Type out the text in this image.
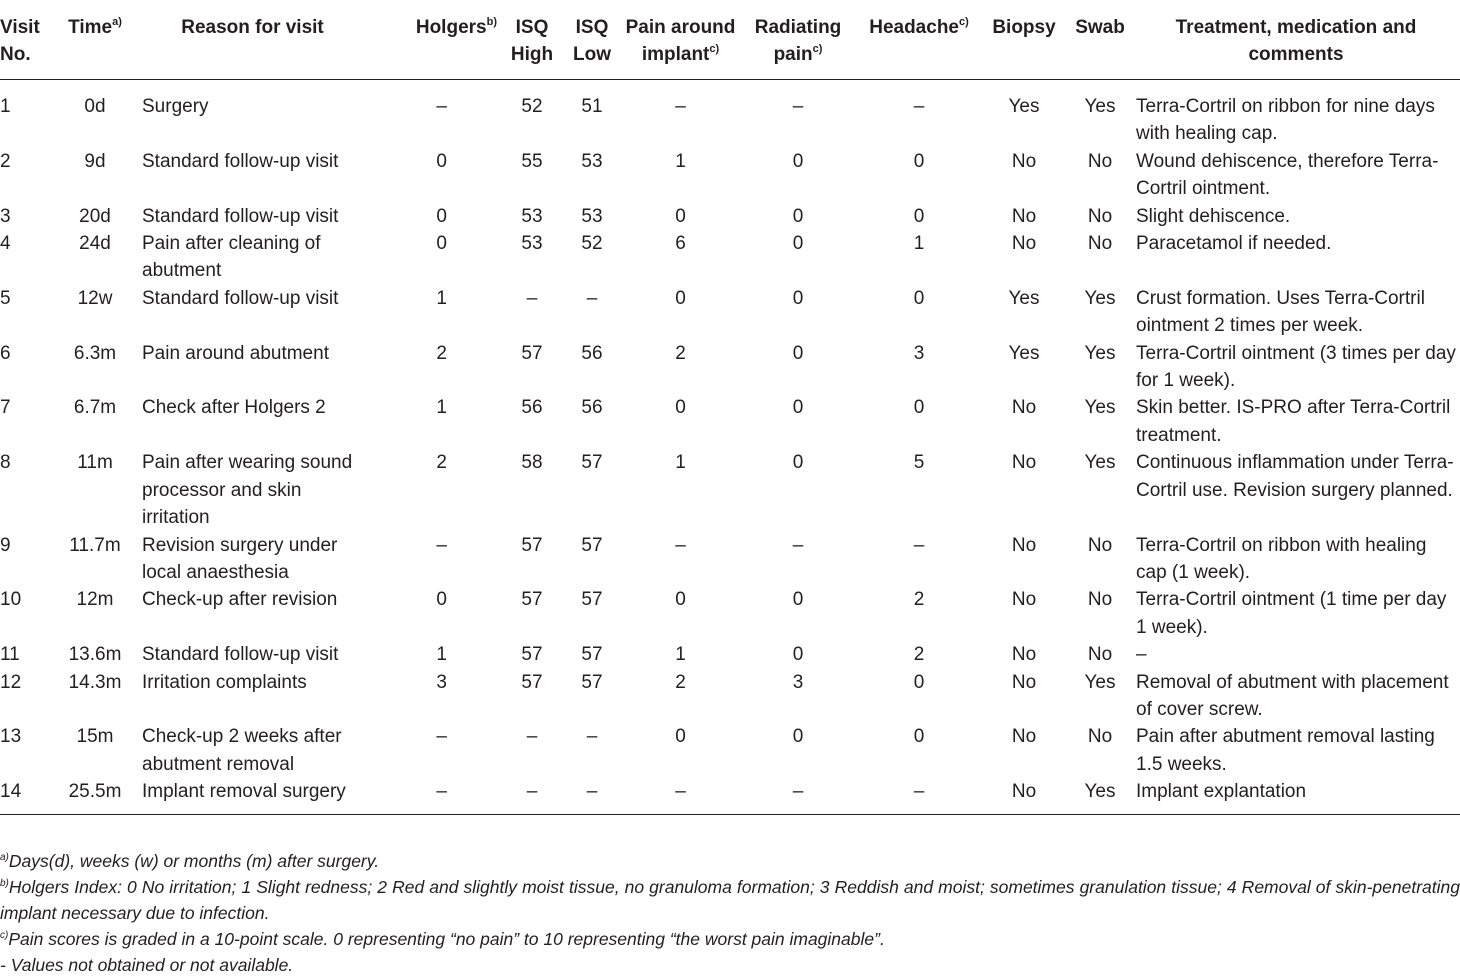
Visit No.	Time$^{a)}$	Reason for visit	Holgers$^{b)}$	ISQ High	ISQ Low	Pain around implant$^{c)}$	Radiating pain$^{c)}$	Headache$^{c)}$	Biopsy	Swab	Treatment, medication and comments
1	0d	Surgery	–	52	51	–	–	–	Yes	Yes	Terra-Cortril on ribbon for nine days with healing cap.
2	9d	Standard follow-up visit	0	55	53	1	0	0	No	No	Wound dehiscence, therefore Terra-Cortril ointment.
3	20d	Standard follow-up visit	0	53	53	0	0	0	No	No	Slight dehiscence.
4	24d	Pain after cleaning of abutment	0	53	52	6	0	1	No	No	Paracetamol if needed.
5	12w	Standard follow-up visit	1	–	–	0	0	0	Yes	Yes	Crust formation. Uses Terra-Cortril ointment 2 times per week.
6	6.3m	Pain around abutment	2	57	56	2	0	3	Yes	Yes	Terra-Cortril ointment (3 times per day for 1 week).
7	6.7m	Check after Holgers 2	1	56	56	0	0	0	No	Yes	Skin better. IS-PRO after Terra-Cortril treatment.
8	11m	Pain after wearing sound processor and skin irritation	2	58	57	1	0	5	No	Yes	Continuous inflammation under Terra-Cortril use. Revision surgery planned.
9	11.7m	Revision surgery under local anaesthesia	–	57	57	–	–	–	No	No	Terra-Cortril on ribbon with healing cap (1 week).
10	12m	Check-up after revision	0	57	57	0	0	2	No	No	Terra-Cortril ointment (1 time per day 1 week).
11	13.6m	Standard follow-up visit	1	57	57	1	0	2	No	No	–
12	14.3m	Irritation complaints	3	57	57	2	3	0	No	Yes	Removal of abutment with placement of cover screw.
13	15m	Check-up 2 weeks after abutment removal	–	–	–	0	0	0	No	No	Pain after abutment removal lasting 1.5 weeks.
14	25.5m	Implant removal surgery	–	–	–	–	–	–	No	Yes	Implant explantation

$^{a)}$Days(d), weeks (w) or months (m) after surgery.

$^{b)}$Holgers Index: 0 No irritation; 1 Slight redness; 2 Red and slightly moist tissue, no granuloma formation; 3 Reddish and moist; sometimes granulation tissue; 4 Removal of skin-penetrating implant necessary due to infection.

$^{c)}$Pain scores is graded in a 10-point scale. 0 representing “no pain” to 10 representing “the worst pain imaginable”.

- Values not obtained or not available.
